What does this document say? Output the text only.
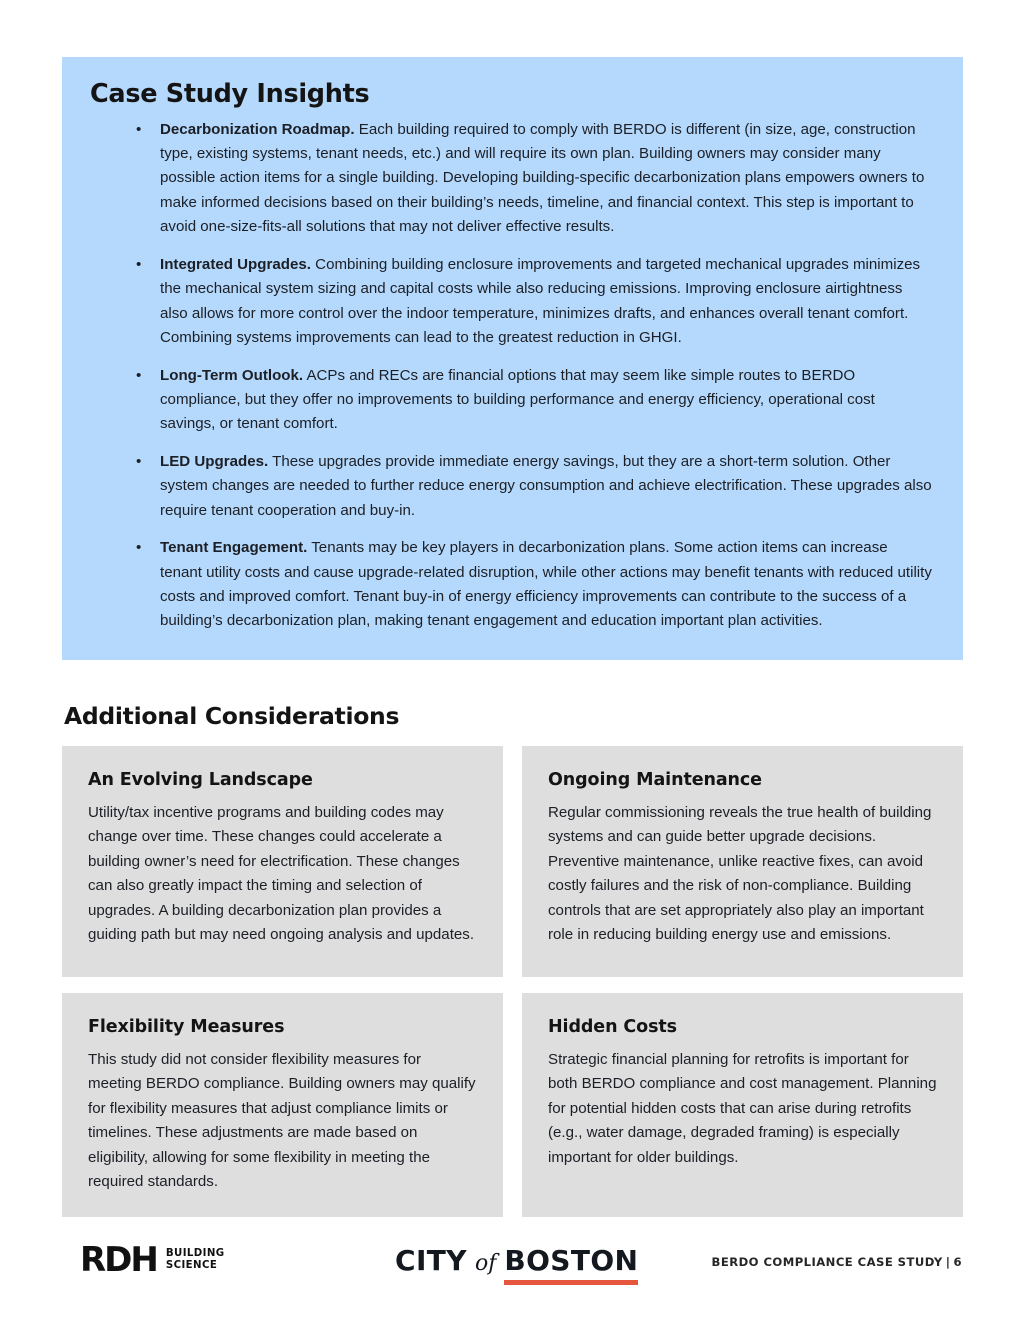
Case Study Insights
• Decarbonization Roadmap. Each building required to comply with BERDO is different (in size, age, construction type, existing systems, tenant needs, etc.) and will require its own plan. Building owners may consider many possible action items for a single building. Developing building-specific decarbonization plans empowers owners to make informed decisions based on their building’s needs, timeline, and financial context. This step is important to avoid one-size-fits-all solutions that may not deliver effective results.
• Integrated Upgrades. Combining building enclosure improvements and targeted mechanical upgrades minimizes the mechanical system sizing and capital costs while also reducing emissions. Improving enclosure airtightness also allows for more control over the indoor temperature, minimizes drafts, and enhances overall tenant comfort. Combining systems improvements can lead to the greatest reduction in GHGI.
• Long-Term Outlook. ACPs and RECs are financial options that may seem like simple routes to BERDO compliance, but they offer no improvements to building performance and energy efficiency, operational cost savings, or tenant comfort.
• LED Upgrades. These upgrades provide immediate energy savings, but they are a short-term solution. Other system changes are needed to further reduce energy consumption and achieve electrification. These upgrades also require tenant cooperation and buy-in.
• Tenant Engagement. Tenants may be key players in decarbonization plans. Some action items can increase tenant utility costs and cause upgrade-related disruption, while other actions may benefit tenants with reduced utility costs and improved comfort. Tenant buy-in of energy efficiency improvements can contribute to the success of a building’s decarbonization plan, making tenant engagement and education important plan activities.
Additional Considerations
An Evolving Landscape

Utility/tax incentive programs and building codes may change over time. These changes could accelerate a building owner’s need for electrification. These changes can also greatly impact the timing and selection of upgrades. A building decarbonization plan provides a guiding path but may need ongoing analysis and updates.

Ongoing Maintenance

Regular commissioning reveals the true health of building systems and can guide better upgrade decisions. Preventive maintenance, unlike reactive fixes, can avoid costly failures and the risk of non-compliance. Building controls that are set appropriately also play an important role in reducing building energy use and emissions.

Flexibility Measures

This study did not consider flexibility measures for meeting BERDO compliance. Building owners may qualify for flexibility measures that adjust compliance limits or timelines. These adjustments are made based on eligibility, allowing for some flexibility in meeting the required standards.

Hidden Costs

Strategic financial planning for retrofits is important for both BERDO compliance and cost management. Planning for potential hidden costs that can arise during retrofits (e.g., water damage, degraded framing) is especially important for older buildings.

RDH BUILDING
SCIENCE	CITY of BOSTON	BERDO COMPLIANCE CASE STUDY | 6
